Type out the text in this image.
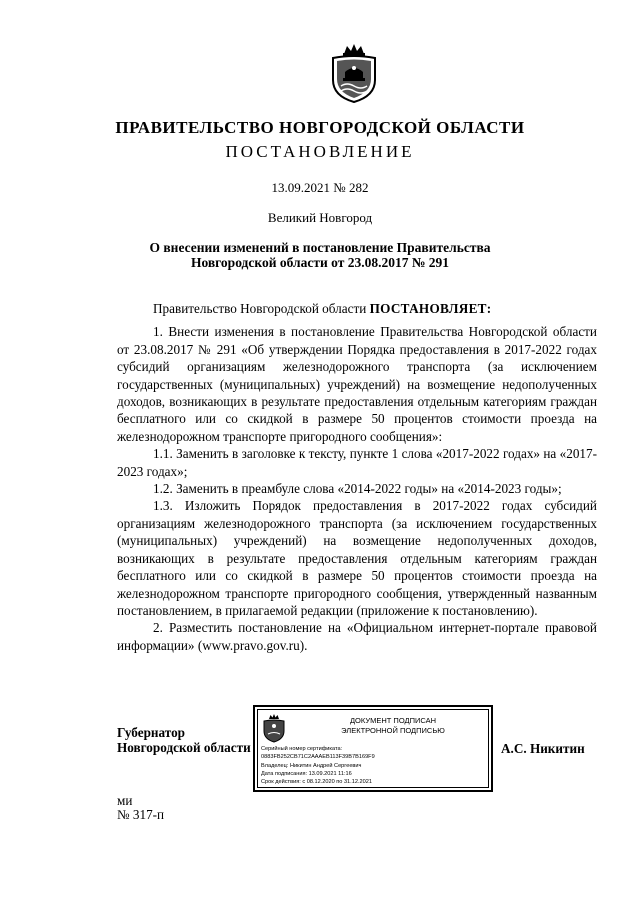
ПРАВИТЕЛЬСТВО НОВГОРОДСКОЙ ОБЛАСТИ
ПОСТАНОВЛЕНИЕ
13.09.2021 № 282
Великий Новгород
О внесении изменений в постановление Правительства
Новгородской области от 23.08.2017 № 291

Правительство Новгородской области ПОСТАНОВЛЯЕТ:

1. Внести изменения в постановление Правительства Новгородской области от 23.08.2017 № 291 «Об утверждении Порядка предоставления в 2017-2022 годах субсидий организациям железнодорожного транспорта (за исключением государственных (муниципальных) учреждений) на возмещение недополученных доходов, возникающих в результате предоставления отдельным категориям граждан бесплатного или со скидкой в размере 50 процентов стоимости проезда на железнодорожном транспорте пригородного сообщения»:

1.1. Заменить в заголовке к тексту, пункте 1 слова «2017-2022 годах» на «2017-2023 годах»;

1.2. Заменить в преамбуле слова «2014-2022 годы» на «2014-2023 годы»;

1.3. Изложить Порядок предоставления в 2017-2022 годах субсидий организациям железнодорожного транспорта (за исключением государственных (муниципальных) учреждений) на возмещение недополученных доходов, возникающих в результате предоставления отдельным категориям граждан бесплатного или со скидкой в размере 50 процентов стоимости проезда на железнодорожном транспорте пригородного сообщения, утвержденный названным постановлением, в прилагаемой редакции (приложение к постановлению).

2. Разместить постановление на «Официальном интернет-портале правовой информации» (www.pravo.gov.ru).

Губернатор
Новгородской области
ДОКУМЕНТ ПОДПИСАН
ЭЛЕКТРОННОЙ ПОДПИСЬЮ
Серийный номер сертификата:
0883FB252CB71C2AAAEB113F39B7B169F9
Владелец: Никитин Андрей Сергеевич
Дата подписания: 13.09.2021 11:16
Срок действия: с 08.12.2020 по 31.12.2021
А.С. Никитин
ми
№ 317-п
